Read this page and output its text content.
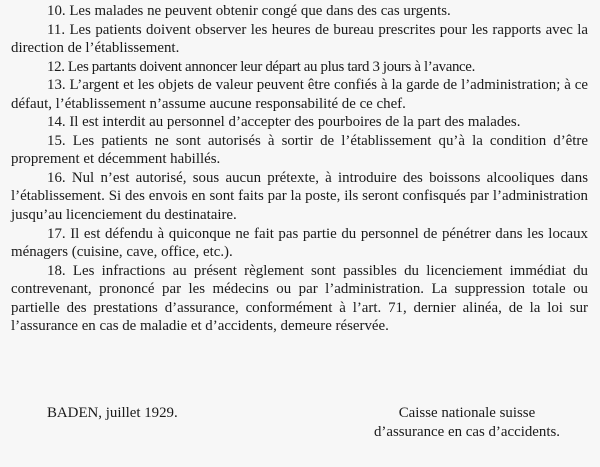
10. Les malades ne peuvent obtenir congé que dans des cas urgents.

11. Les patients doivent observer les heures de bureau prescrites pour les rapports avec la direction de l’établissement.

12. Les partants doivent annoncer leur départ au plus tard 3 jours à l’avance.

13. L’argent et les objets de valeur peuvent être confiés à la garde de l’administration; à ce défaut, l’établissement n’assume aucune responsabilité de ce chef.

14. Il est interdit au personnel d’accepter des pourboires de la part des malades.

15. Les patients ne sont autorisés à sortir de l’établissement qu’à la condition d’être proprement et décemment habillés.

16. Nul n’est autorisé, sous aucun prétexte, à introduire des boissons alcooliques dans l’établissement. Si des envois en sont faits par la poste, ils seront confisqués par l’administration jusqu’au licenciement du destinataire.

17. Il est défendu à quiconque ne fait pas partie du personnel de pénétrer dans les locaux ménagers (cuisine, cave, office, etc.).

18. Les infractions au présent règlement sont passibles du licenciement immédiat du contrevenant, prononcé par les médecins ou par l’administration. La suppression totale ou partielle des prestations d’assurance, conformément à l’art. 71, dernier alinéa, de la loi sur l’assurance en cas de maladie et d’accidents, demeure réservée.

BADEN, juillet 1929.	Caisse nationale suisse
d’assurance en cas d’accidents.
